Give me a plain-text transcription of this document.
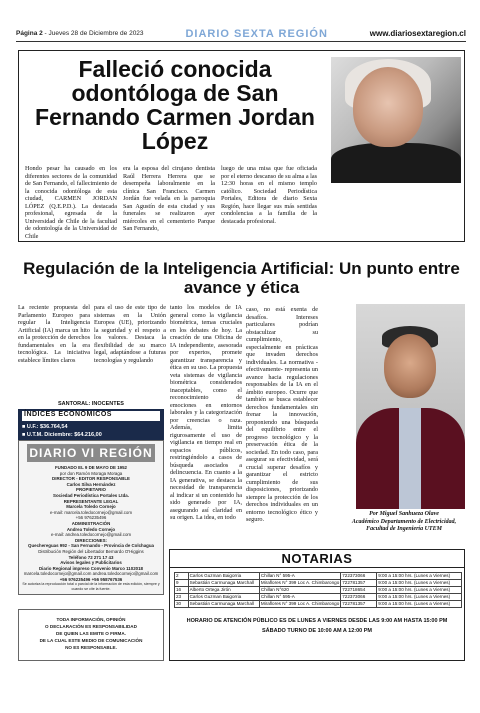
Página 2 - Jueves 28 de Diciembre de 2023	DIARIO SEXTA REGIÓN	www.diariosextaregion.cl
Falleció conocida odontóloga de San Fernando Carmen Jordan López
Hondo pesar ha causado en los diferentes sectores de la comunidad de San Fernando, el fallecimiento de la conocida odontóloga de esta ciudad, CARMEN JORDAN LÓPEZ (Q.E.P.D.). La destacada profesional, egresada de la Universidad de Chile de la facultad de odontología de la Universidad de Chile
era la esposa del cirujano dentista Raúl Herrera Herrera que se desempeña laboralmente en la clínica San Francisco. Carmen Jordán fue velada en la parroquia San Agustín de esta ciudad y sus funerales se realizaron ayer miércoles en el cementerio Parque San Fernando,
luego de una misa que fue oficiada por el eterno descanso de su alma a las 12:30 horas en el mismo templo católico. Sociedad Periodística Portales, Editora de diario Sexta Región, hace llegar sus más sentidas condolencias a la familia de la destacada profesional.
Regulación de la Inteligencia Artificial: Un punto entre avance y ética
La reciente propuesta del Parlamento Europeo para regular la Inteligencia Artificial (IA) marca un hito en la protección de derechos fundamentales en la era tecnológica. La iniciativa establece límites claros
para el uso de este tipo de sistemas en la Unión Europea (UE), priorizando la seguridad y el respeto a los valores. Destaca la flexibilidad de su marco legal, adaptándose a futuras tecnologías y regulando
tanto los modelos de IA general como la vigilancia biométrica, temas cruciales en los debates de hoy. La creación de una Oficina de IA independiente, asesorada por expertos, promete garantizar transparencia y ética en su uso. La propuesta veta sistemas de vigilancia biométrica considerados inaceptables, como el reconocimiento de emociones en entornos laborales y la categorización por creencias o raza. Además, limita rigurosamente el uso de vigilancia en tiempo real en espacios públicos, restringiéndolo a casos de búsqueda asociados a delincuencia. En cuanto a la IA generativa, se destaca la necesidad de transparencia al indicar si un contenido ha sido generado por IA, asegurando así claridad en su origen. La idea, en todo
caso, no está exenta de desafíos. Intereses particulares podrían obstaculizar su cumplimiento, especialmente en prácticas que invaden derechos individuales. La normativa -efectivamente- representa un avance hacia regulaciones responsables de la IA en el ámbito europeo. Ocurre que también se busca establecer derechos fundamentales sin frenar la innovación, proponiendo una búsqueda del equilibrio entre el progreso tecnológico y la preservación ética de la sociedad. En todo caso, para asegurar su efectividad, será crucial superar desafíos y garantizar el estricto cumplimiento de sus disposiciones, priorizando siempre la protección de los derechos individuales en un entorno tecnológico ético y seguro.
Por Miguel Sanhueza Olave
Académico Departamento de Electricidad, Facultad de Ingeniería UTEM
SANTORAL: INOCENTES
ÍNDICES ECONÓMICOS
■ U.F.: $36.764,54
■ U.T.M. Diciembre: $64.216,00
DIARIO VI REGIÓN
FUNDADO EL 9 DE MAYO DE 1952
por don Ramón Moraga Moraga
DIRECTOR - EDITOR RESPONSABLE
Carlos Silva Hernández
PROPIETARIO
Sociedad Periodística Portales Ltda.
REPRESENTANTE LEGAL
Marcela Toledo Cornejo
e-mail: marcela.toledocornejo@gmail.com
+56 976235496
ADMINISTRACIÓN
Andrea Toledo Cornejo
e-mail: andrea.toledocornejo@gmail.com
DIRECCIONES:
Quechereguas 992 - San Fernando - Provincia de Colchagua
Distribución Región del Libertador Bernardo O'Higgins
Teléfono 72 271 17 43
Avisos legales y Publicitarios
Diario Regional impreso Convenio Marco 1102018
marcela.toledocornejo@gmail.com andrea.toledocornejo@gmail.com
+56 976235496 +56 958767536
Se autoriza la reproducción total o parcial de la información de esta edición, siempre y cuando se cite la fuente.
TODA INFORMACIÓN, OPINIÓN
O DECLARACIÓN ES RESPONSABILIDAD
DE QUIEN LAS EMITE O FIRMA.
DE LA CUAL ESTE MEDIO DE COMUNICACIÓN
NO ES RESPONSABLE.
NOTARIAS
2	Carlos Guzman Baigorria	Chillan N° 595-A	722373066	9:00 a 15:00 hrs. (Lunes a Viernes)
9	Sebastián Carmunaga Marchall	Miraflores N° 399 Loc A. Chimbarongo	722781357	9:00 a 15:00 hrs. (Lunes a Viernes)
16	Alberto Ortega Jirón	Chillan N°620	722718654	9:00 a 15:00 hrs. (Lunes a Viernes)
23	Carlos Guzman Baigorria	Chillan N° 595-A	722373066	9:00 a 15:00 hrs. (Lunes a Viernes)
30	Sebastián Carmunaga Marchall	Miraflores N° 399 Loc A. Chimbarongo	722781357	9:00 a 15:00 hrs. (Lunes a Viernes)
HORARIO DE ATENCIÓN PÚBLICO ES DE LUNES A VIERNES DESDE LAS 9:00 AM HASTA 15:00 PM
SÁBADO TURNO DE 10:00 AM A 12:00 PM
